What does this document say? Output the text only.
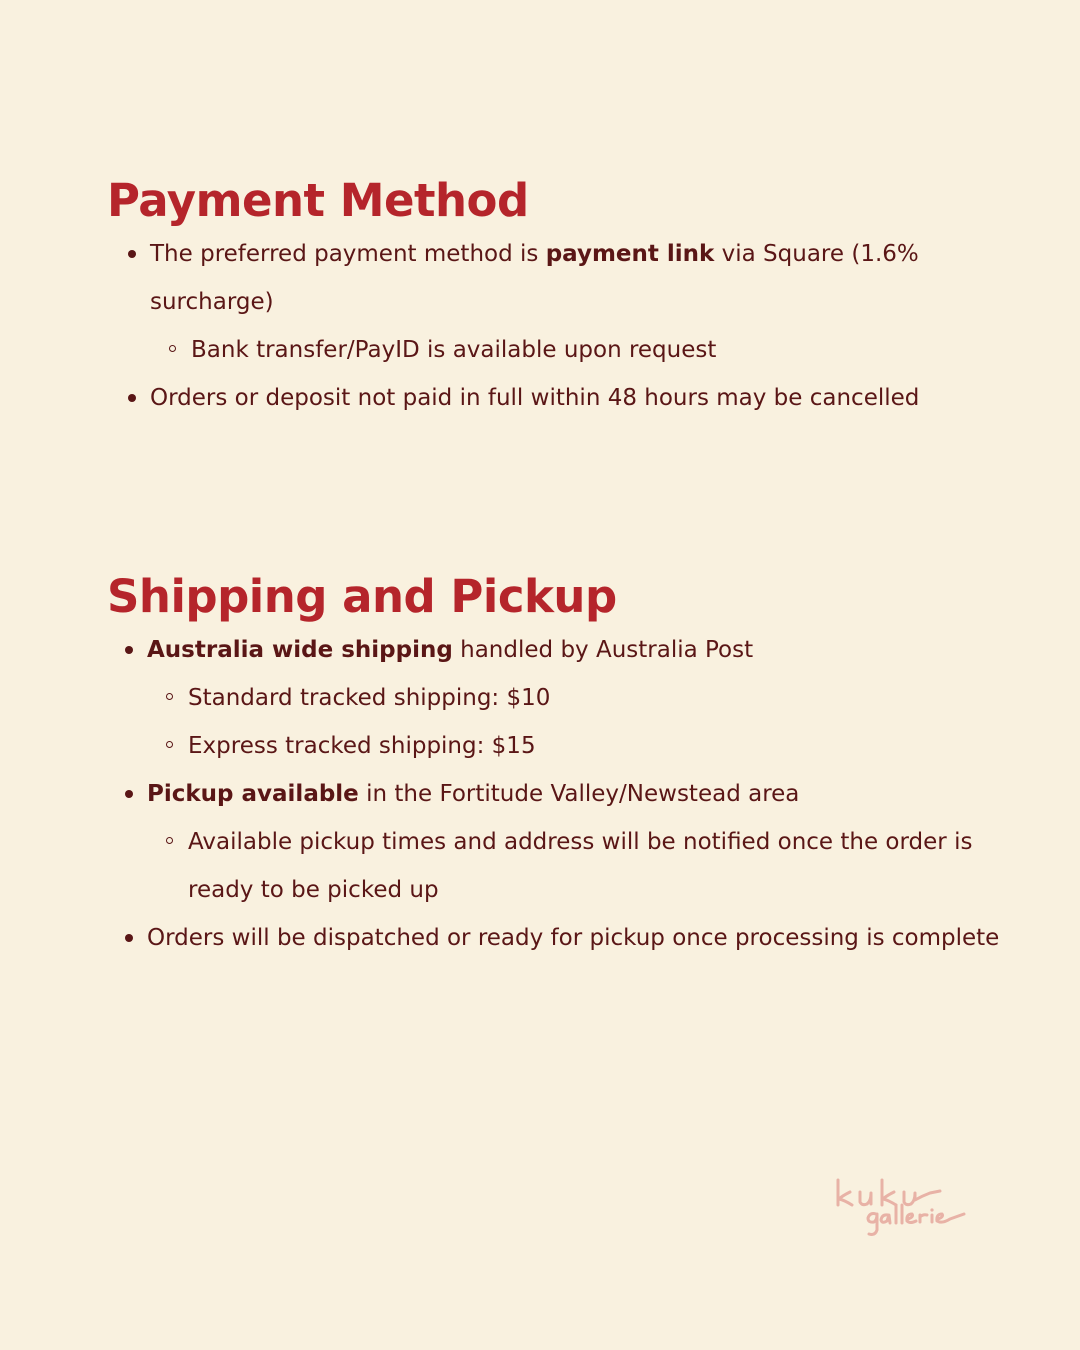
Payment Method
The preferred payment method is payment link via Square (1.6% surcharge)
Bank transfer/PayID is available upon request
Orders or deposit not paid in full within 48 hours may be cancelled
Shipping and Pickup
Australia wide shipping handled by Australia Post
Standard tracked shipping: $10
Express tracked shipping: $15
Pickup available in the Fortitude Valley/Newstead area
Available pickup times and address will be notified once the order is ready to be picked up
Orders will be dispatched or ready for pickup once processing is complete
